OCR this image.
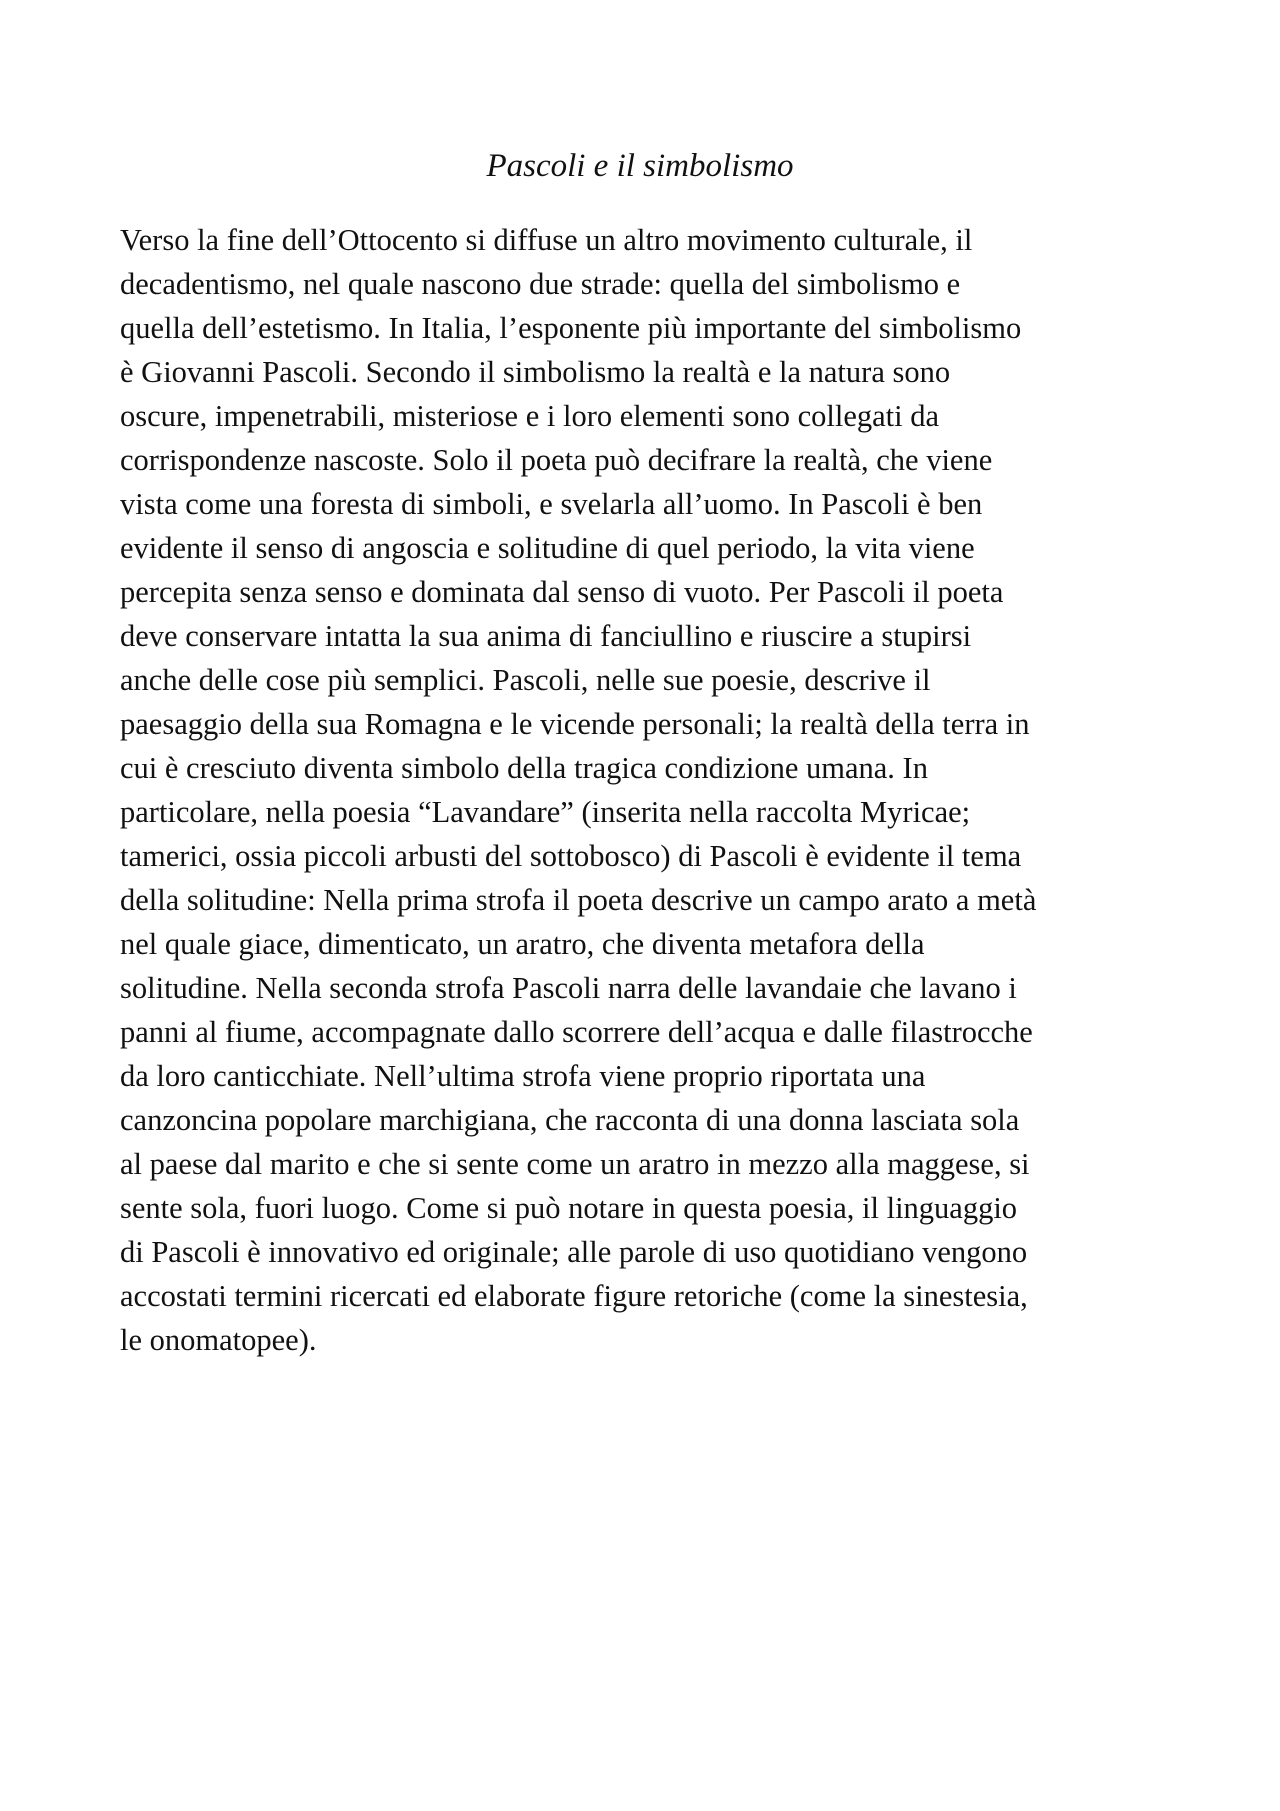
Pascoli e il simbolismo
Verso la fine dell’Ottocento si diffuse un altro movimento culturale, il
decadentismo, nel quale nascono due strade: quella del simbolismo e
quella dell’estetismo. In Italia, l’esponente più importante del simbolismo
è Giovanni Pascoli. Secondo il simbolismo la realtà e la natura sono
oscure, impenetrabili, misteriose e i loro elementi sono collegati da
corrispondenze nascoste. Solo il poeta può decifrare la realtà, che viene
vista come una foresta di simboli, e svelarla all’uomo. In Pascoli è ben
evidente il senso di angoscia e solitudine di quel periodo, la vita viene
percepita senza senso e dominata dal senso di vuoto. Per Pascoli il poeta
deve conservare intatta la sua anima di fanciullino e riuscire a stupirsi
anche delle cose più semplici. Pascoli, nelle sue poesie, descrive il
paesaggio della sua Romagna e le vicende personali; la realtà della terra in
cui è cresciuto diventa simbolo della tragica condizione umana. In
particolare, nella poesia “Lavandare” (inserita nella raccolta Myricae;
tamerici, ossia piccoli arbusti del sottobosco) di Pascoli è evidente il tema
della solitudine: Nella prima strofa il poeta descrive un campo arato a metà
nel quale giace, dimenticato, un aratro, che diventa metafora della
solitudine. Nella seconda strofa Pascoli narra delle lavandaie che lavano i
panni al fiume, accompagnate dallo scorrere dell’acqua e dalle filastrocche
da loro canticchiate. Nell’ultima strofa viene proprio riportata una
canzoncina popolare marchigiana, che racconta di una donna lasciata sola
al paese dal marito e che si sente come un aratro in mezzo alla maggese, si
sente sola, fuori luogo. Come si può notare in questa poesia, il linguaggio
di Pascoli è innovativo ed originale; alle parole di uso quotidiano vengono
accostati termini ricercati ed elaborate figure retoriche (come la sinestesia,
le onomatopee).
